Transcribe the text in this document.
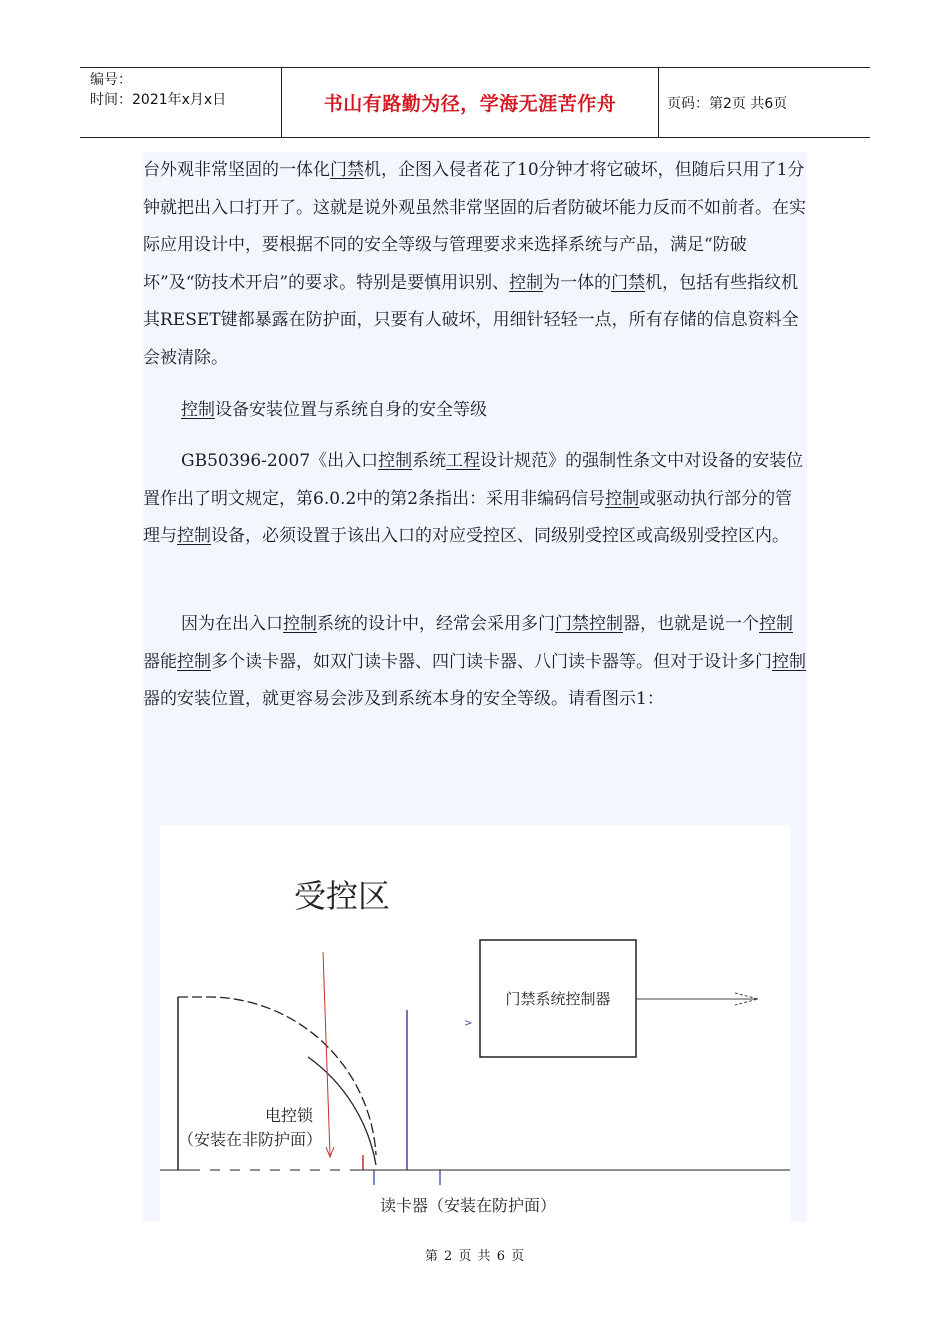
编号：
时间：2021年x月x日	书山有路勤为径，学海无涯苦作舟	页码：第2页 共6页

台外观非常坚固的一体化门禁机，企图入侵者花了10分钟才将它破坏，但随后只用了1分钟就把出入口打开了。这就是说外观虽然非常坚固的后者防破坏能力反而不如前者。在实际应用设计中，要根据不同的安全等级与管理要求来选择系统与产品，满足“防破坏”及“防技术开启”的要求。特别是要慎用识别、控制为一体的门禁机，包括有些指纹机其RESET键都暴露在防护面，只要有人破坏，用细针轻轻一点，所有存储的信息资料全会被清除。

控制设备安装位置与系统自身的安全等级

GB50396-2007《出入口控制系统工程设计规范》的强制性条文中对设备的安装位置作出了明文规定，第6.0.2中的第2条指出：采用非编码信号控制或驱动执行部分的管理与控制设备，必须设置于该出入口的对应受控区、同级别受控区或高级别受控区内。

因为在出入口控制系统的设计中，经常会采用多门门禁控制器，也就是说一个控制器能控制多个读卡器，如双门读卡器、四门读卡器、八门读卡器等。但对于设计多门控制器的安装位置，就更容易会涉及到系统本身的安全等级。请看图示1：

受控区
门禁系统控制器
>
电控锁
（安装在非防护面）
读卡器（安装在防护面）
第 2 页 共 6 页
